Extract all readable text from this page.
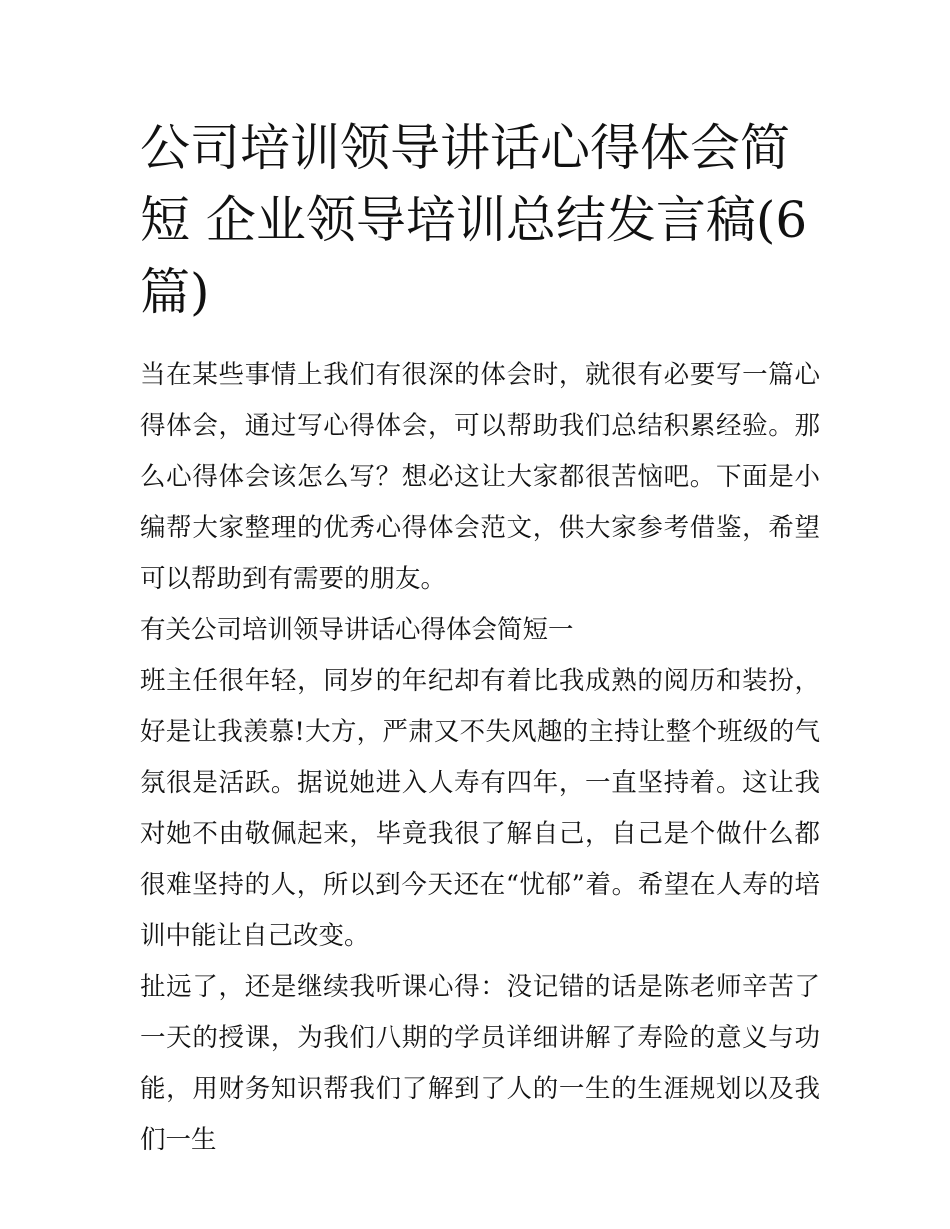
公司培训领导讲话心得体会简短 企业领导培训总结发言稿(6篇)

当在某些事情上我们有很深的体会时，就很有必要写一篇心得体会，通过写心得体会，可以帮助我们总结积累经验。那么心得体会该怎么写？想必这让大家都很苦恼吧。下面是小编帮大家整理的优秀心得体会范文，供大家参考借鉴，希望可以帮助到有需要的朋友。

有关公司培训领导讲话心得体会简短一

班主任很年轻，同岁的年纪却有着比我成熟的阅历和装扮，好是让我羡慕!大方，严肃又不失风趣的主持让整个班级的气氛很是活跃。据说她进入人寿有四年，一直坚持着。这让我对她不由敬佩起来，毕竟我很了解自己，自己是个做什么都很难坚持的人，所以到今天还在“忧郁”着。希望在人寿的培训中能让自己改变。

扯远了，还是继续我听课心得：没记错的话是陈老师辛苦了一天的授课，为我们八期的学员详细讲解了寿险的意义与功能，用财务知识帮我们了解到了人的一生的生涯规划以及我们一生
